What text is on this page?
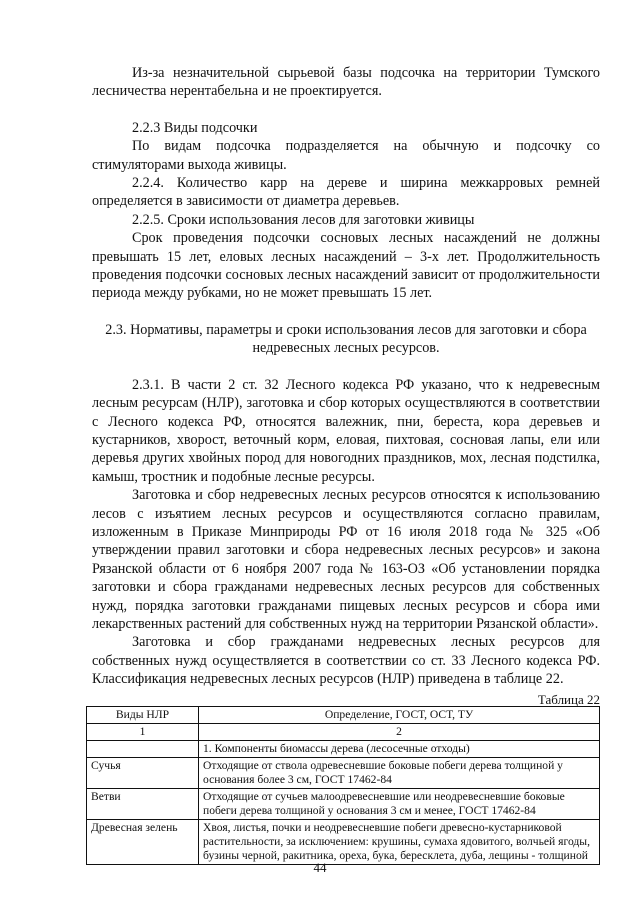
Из-за незначительной сырьевой базы подсочка на территории Тумского лесничества нерентабельна и не проектируется.

2.2.3 Виды подсочки

По видам подсочка подразделяется на обычную и подсочку со стимуляторами выхода живицы.

2.2.4. Количество карр на дереве и ширина межкарровых ремней определяется в зависимости от диаметра деревьев.

2.2.5. Сроки использования лесов для заготовки живицы

Срок проведения подсочки сосновых лесных насаждений не должны превышать 15 лет, еловых лесных насаждений – 3-х лет. Продолжительность проведения подсочки сосновых лесных насаждений зависит от продолжительности периода между рубками, но не может превышать 15 лет.

2.3. Нормативы, параметры и сроки использования лесов для заготовки и сбора недревесных лесных ресурсов.

2.3.1. В части 2 ст. 32 Лесного кодекса РФ указано, что к недревесным лесным ресурсам (НЛР), заготовка и сбор которых осуществляются в соответствии с Лесного кодекса РФ, относятся валежник, пни, береста, кора деревьев и кустарников, хворост, веточный корм, еловая, пихтовая, сосновая лапы, ели или деревья других хвойных пород для новогодних праздников, мох, лесная подстилка, камыш, тростник и подобные лесные ресурсы.

Заготовка и сбор недревесных лесных ресурсов относятся к использованию лесов с изъятием лесных ресурсов и осуществляются согласно правилам, изложенным в Приказе Минприроды РФ от 16 июля 2018 года № 325 «Об утверждении правил заготовки и сбора недревесных лесных ресурсов» и закона Рязанской области от 6 ноября 2007 года № 163-ОЗ «Об установлении порядка заготовки и сбора гражданами недревесных лесных ресурсов для собственных нужд, порядка заготовки гражданами пищевых лесных ресурсов и сбора ими лекарственных растений для собственных нужд на территории Рязанской области».

Заготовка и сбор гражданами недревесных лесных ресурсов для собственных нужд осуществляется в соответствии со ст. 33 Лесного кодекса РФ. Классификация недревесных лесных ресурсов (НЛР) приведена в таблице 22.

Таблица 22

Виды НЛР	Определение, ГОСТ, ОСТ, ТУ
1	2
	1. Компоненты биомассы дерева (лесосечные отходы)
Сучья	Отходящие от ствола одревесневшие боковые побеги дерева толщиной у основания более 3 см, ГОСТ 17462-84
Ветви	Отходящие от сучьев малоодревесневшие или неодревесневшие боковые побеги дерева толщиной у основания 3 см и менее, ГОСТ 17462-84
Древесная зелень	Хвоя, листья, почки и неодревесневшие побеги древесно-кустарниковой растительности, за исключением: крушины, сумаха ядовитого, волчьей ягоды, бузины черной, ракитника, ореха, бука, бересклета, дуба, лещины - толщиной
44
